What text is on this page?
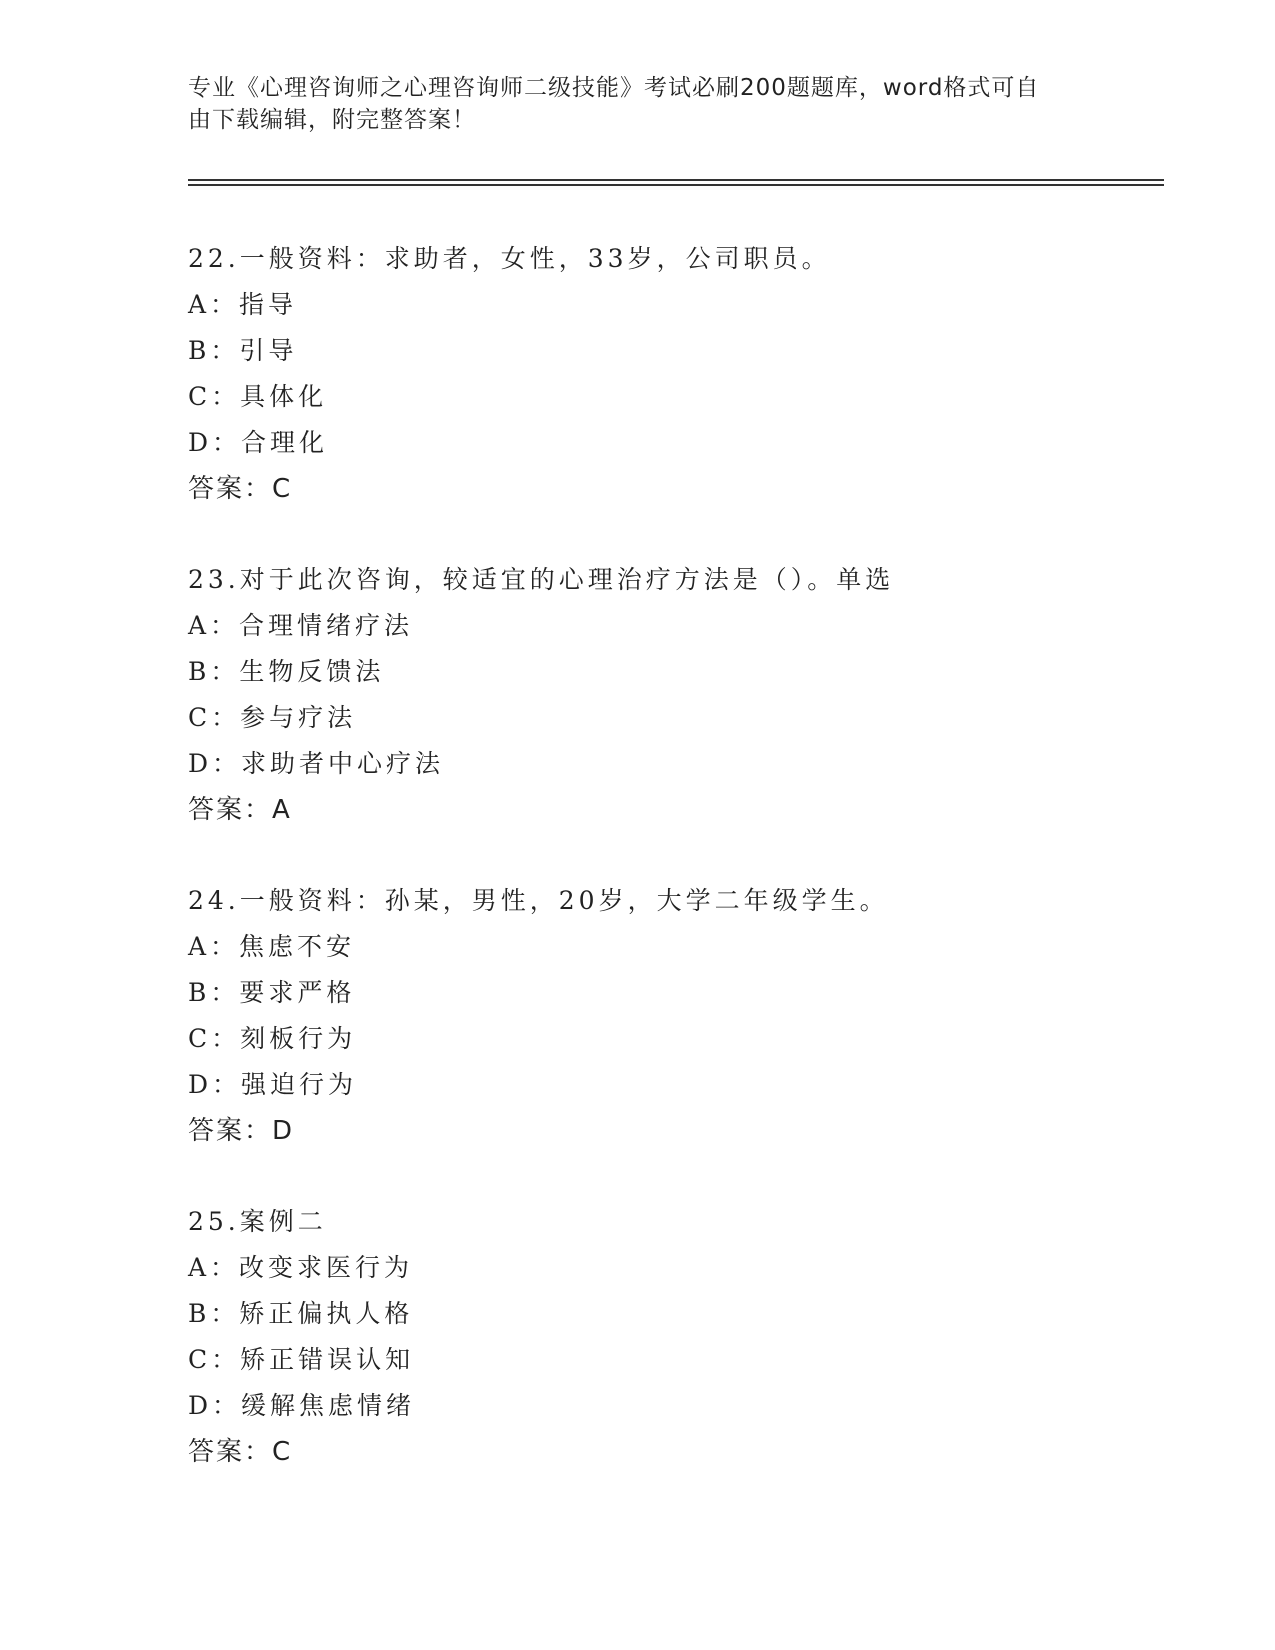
专业《心理咨询师之心理咨询师二级技能》考试必刷200题题库，word格式可自
由下载编辑，附完整答案！
22.一般资料：求助者，女性，33岁，公司职员。
A：指导
B：引导
C：具体化
D：合理化
答案：C
23.对于此次咨询，较适宜的心理治疗方法是（）。单选
A：合理情绪疗法
B：生物反馈法
C：参与疗法
D：求助者中心疗法
答案：A
24.一般资料：孙某，男性，20岁，大学二年级学生。
A：焦虑不安
B：要求严格
C：刻板行为
D：强迫行为
答案：D
25.案例二
A：改变求医行为
B：矫正偏执人格
C：矫正错误认知
D：缓解焦虑情绪
答案：C
